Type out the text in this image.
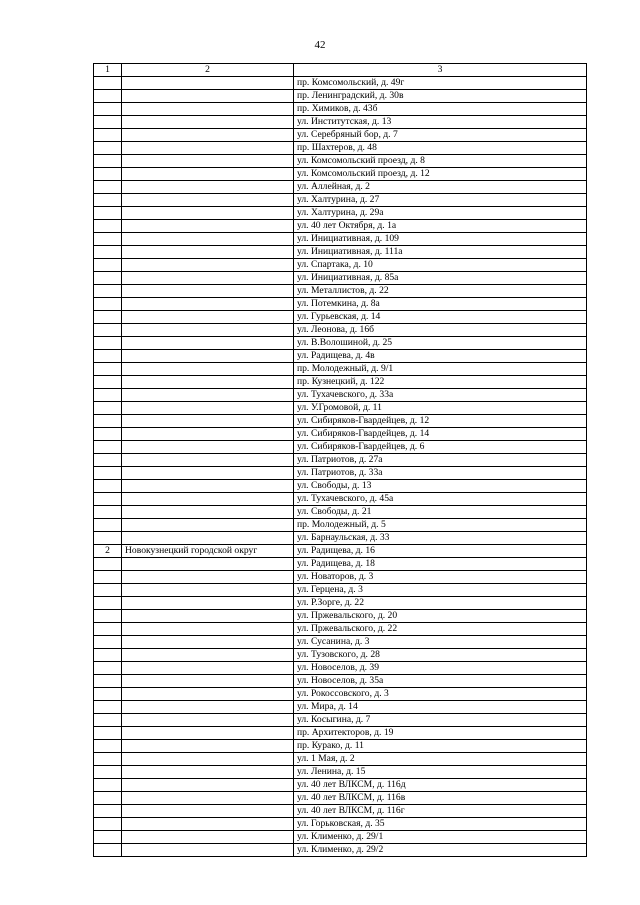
42
1	2	3
		пр. Комсомольский, д. 49г
		пр. Ленинградский, д. 30в
		пр. Химиков, д. 43б
		ул. Институтская, д. 13
		ул. Серебряный бор, д. 7
		пр. Шахтеров, д. 48
		ул. Комсомольский проезд, д. 8
		ул. Комсомольский проезд, д. 12
		ул. Аллейная, д. 2
		ул. Халтурина, д. 27
		ул. Халтурина, д. 29а
		ул. 40 лет Октября, д. 1а
		ул. Инициативная, д. 109
		ул. Инициативная, д. 111а
		ул. Спартака, д. 10
		ул. Инициативная, д. 85а
		ул. Металлистов, д. 22
		ул. Потемкина, д. 8а
		ул. Гурьевская, д. 14
		ул. Леонова, д. 16б
		ул. В.Волошиной, д. 25
		ул. Радищева, д. 4в
		пр. Молодежный, д. 9/1
		пр. Кузнецкий, д. 122
		ул. Тухачевского, д. 33а
		ул. У.Громовой, д. 11
		ул. Сибиряков-Гвардейцев, д. 12
		ул. Сибиряков-Гвардейцев, д. 14
		ул. Сибиряков-Гвардейцев, д. 6
		ул. Патриотов, д. 27а
		ул. Патриотов, д. 33а
		ул. Свободы, д. 13
		ул. Тухачевского, д. 45а
		ул. Свободы, д. 21
		пр. Молодежный, д. 5
		ул. Барнаульская, д. 33
2	Новокузнецкий городской округ	ул. Радищева, д. 16
		ул. Радищева, д. 18
		ул. Новаторов, д. 3
		ул. Герцена, д. 3
		ул. Р.Зорге, д. 22
		ул. Пржевальского, д. 20
		ул. Пржевальского, д. 22
		ул. Сусанина, д. 3
		ул. Тузовского, д. 28
		ул. Новоселов, д. 39
		ул. Новоселов, д. 35а
		ул. Рокоссовского, д. 3
		ул. Мира, д. 14
		ул. Косыгина, д. 7
		пр. Архитекторов, д. 19
		пр. Курако, д. 11
		ул. 1 Мая, д. 2
		ул. Ленина, д. 15
		ул. 40 лет ВЛКСМ, д. 116д
		ул. 40 лет ВЛКСМ, д. 116в
		ул. 40 лет ВЛКСМ, д. 116г
		ул. Горьковская, д. 35
		ул. Клименко, д. 29/1
		ул. Клименко, д. 29/2
